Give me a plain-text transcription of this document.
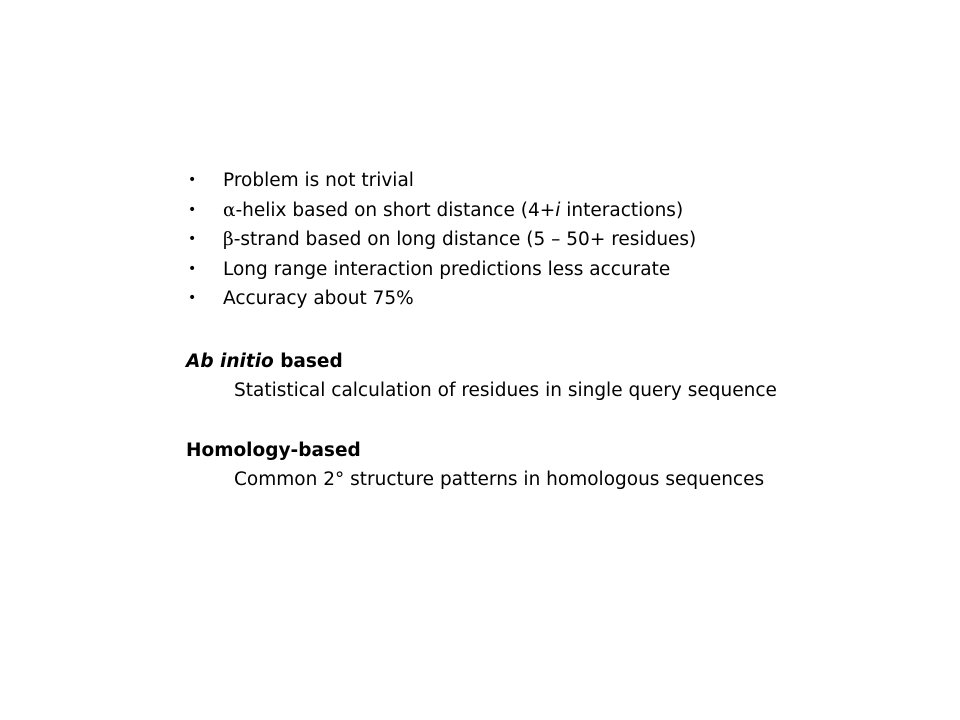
• Problem is not trivial
• α-helix based on short distance (4+i interactions)
• β-strand based on long distance (5 – 50+ residues)
• Long range interaction predictions less accurate
• Accuracy about 75%
Ab initio based
Statistical calculation of residues in single query sequence
Homology-based
Common 2° structure patterns in homologous sequences
